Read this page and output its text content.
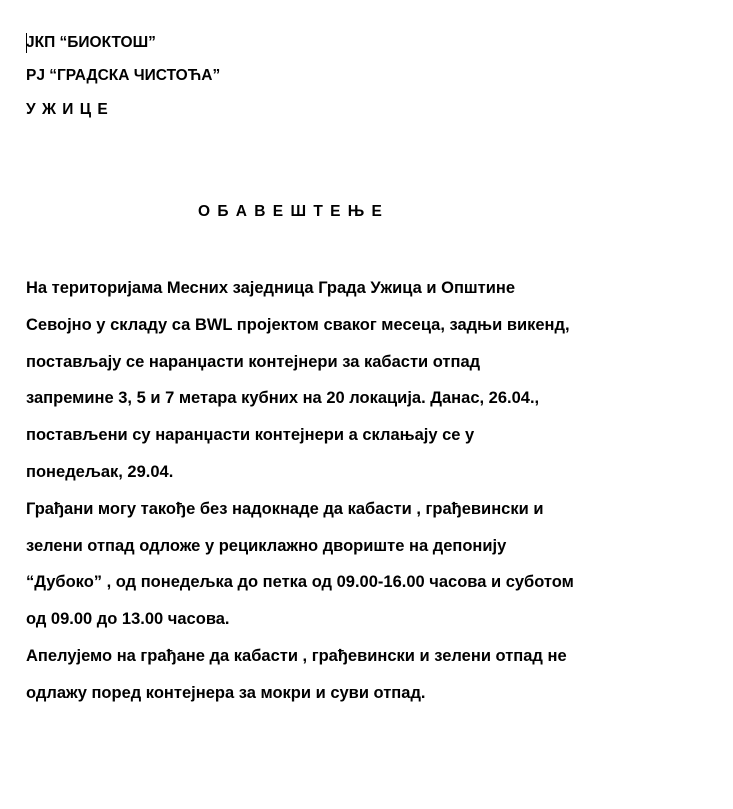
ЈКП “БИОКТОШ”

РЈ “ГРАДСКА ЧИСТОЋА”

У Ж И Ц Е

О Б А В Е Ш Т Е Њ Е

На територијама Месних заједница Града Ужица и Општине
Севојно у складу са BWL пројектом сваког месеца, задњи викенд,
постављају се наранџасти контејнери за кабасти отпад
запремине 3, 5 и 7 метара кубних на 20 локација. Данас, 26.04.,
постављени су наранџасти контејнери а склањају се у
понедељак, 29.04.
Грађани могу такође без надокнаде да кабасти , грађевински и
зелени отпад одложе у рециклажно двориште на депонију
“Дубоко” , од понедељка до петка од 09.00-16.00 часова и суботом
од 09.00 до 13.00 часова.
Апелујемо на грађане да кабасти , грађевински и зелени отпад не
одлажу поред контејнера за мокри и суви отпад.
